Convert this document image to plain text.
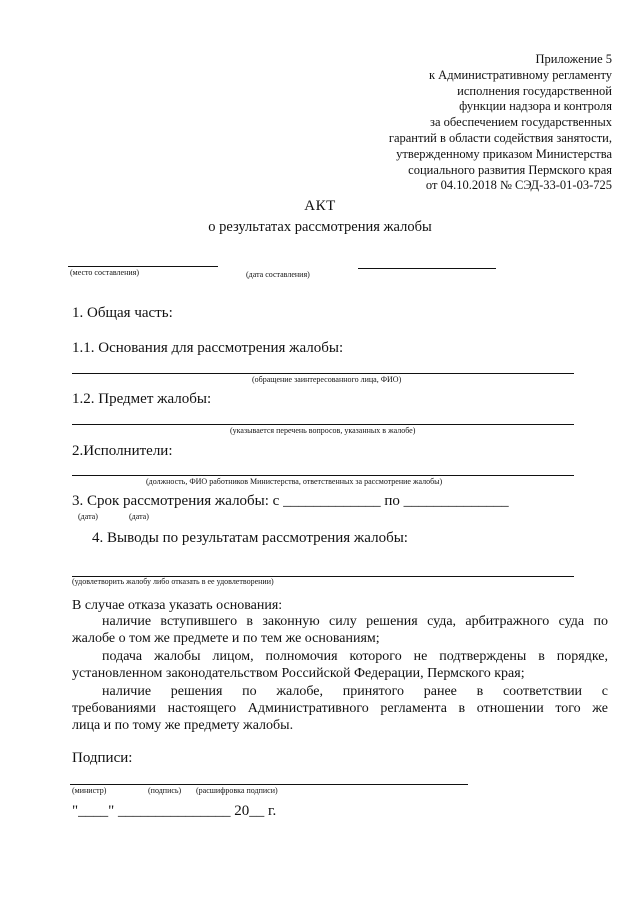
Приложение 5
к Административному регламенту
исполнения государственной
функции надзора и контроля
за обеспечением государственных
гарантий в области содействия занятости,
утвержденному приказом Министерства
социального развития Пермского края
от 04.10.2018 № СЭД-33-01-03-725
АКТ
о результатах рассмотрения жалобы
(место составления)	(дата составления)
1. Общая часть:
1.1. Основания для рассмотрения жалобы:
(обращение заинтересованного лица, ФИО)
1.2. Предмет жалобы:
(указывается перечень вопросов, указанных в жалобе)
2.Исполнители:
(должность, ФИО работников Министерства, ответственных за рассмотрение жалобы)
3. Срок рассмотрения жалобы: с _____________ по ______________
(дата)	(дата)
4. Выводы по результатам рассмотрения жалобы:
(удовлетворить жалобу либо отказать в ее удовлетворении)
В случае отказа указать основания:
наличие вступившего в законную силу решения суда, арбитражного суда по
жалобе о том же предмете и по тем же основаниям;
подача жалобы лицом, полномочия которого не подтверждены в порядке,
установленном законодательством Российской Федерации, Пермского края;
наличие решения по жалобе, принятого ранее в соответствии с
требованиями настоящего Административного регламента в отношении того же
лица и по тому же предмету жалобы.
Подписи:
(министр)	(подпись) (расшифровка подписи)
"____" _______________ 20__ г.
